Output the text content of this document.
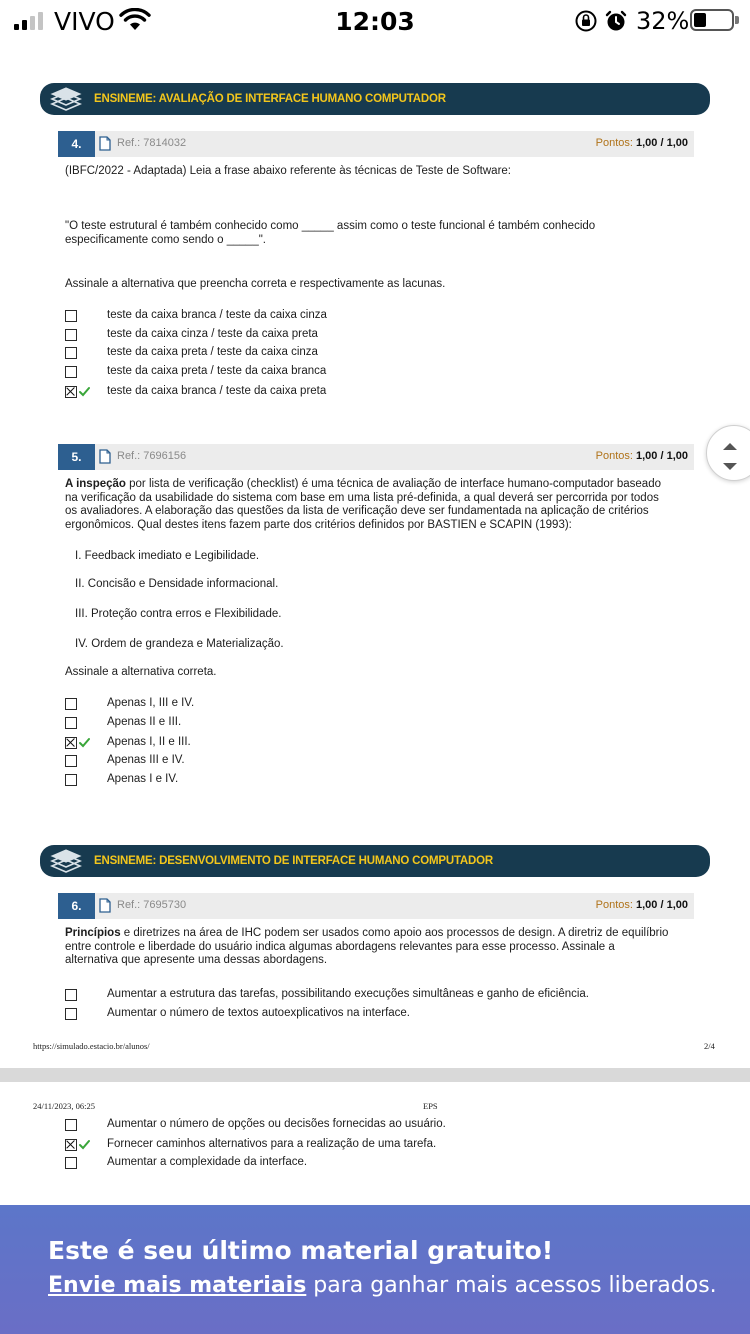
VIVO	12:03	32%
ENSINEME: AVALIAÇÃO DE INTERFACE HUMANO COMPUTADOR
4.	Ref.: 7814032	Pontos: 1,00 / 1,00
(IBFC/2022 - Adaptada) Leia a frase abaixo referente às técnicas de Teste de Software:
"O teste estrutural é também conhecido como _____ assim como o teste funcional é também conhecido
especificamente como sendo o _____".
Assinale a alternativa que preencha correta e respectivamente as lacunas.
teste da caixa branca / teste da caixa cinza
teste da caixa cinza / teste da caixa preta
teste da caixa preta / teste da caixa cinza
teste da caixa preta / teste da caixa branca
teste da caixa branca / teste da caixa preta
5.	Ref.: 7696156	Pontos: 1,00 / 1,00
A inspeção por lista de verificação (checklist) é uma técnica de avaliação de interface humano-computador baseado
na verificação da usabilidade do sistema com base em uma lista pré-definida, a qual deverá ser percorrida por todos
os avaliadores. A elaboração das questões da lista de verificação deve ser fundamentada na aplicação de critérios
ergonômicos. Qual destes itens fazem parte dos critérios definidos por BASTIEN e SCAPIN (1993):
I. Feedback imediato e Legibilidade.
II. Concisão e Densidade informacional.
III. Proteção contra erros e Flexibilidade.
IV. Ordem de grandeza e Materialização.
Assinale a alternativa correta.
Apenas I, III e IV.
Apenas II e III.
Apenas I, II e III.
Apenas III e IV.
Apenas I e IV.
ENSINEME: DESENVOLVIMENTO DE INTERFACE HUMANO COMPUTADOR
6.	Ref.: 7695730	Pontos: 1,00 / 1,00
Princípios e diretrizes na área de IHC podem ser usados como apoio aos processos de design. A diretriz de equilíbrio
entre controle e liberdade do usuário indica algumas abordagens relevantes para esse processo. Assinale a
alternativa que apresente uma dessas abordagens.
Aumentar a estrutura das tarefas, possibilitando execuções simultâneas e ganho de eficiência.
Aumentar o número de textos autoexplicativos na interface.
https://simulado.estacio.br/alunos/	2/4
24/11/2023, 06:25	EPS
Aumentar o número de opções ou decisões fornecidas ao usuário.
Fornecer caminhos alternativos para a realização de uma tarefa.
Aumentar a complexidade da interface.
Este é seu último material gratuito!
Envie mais materiais para ganhar mais acessos liberados.
